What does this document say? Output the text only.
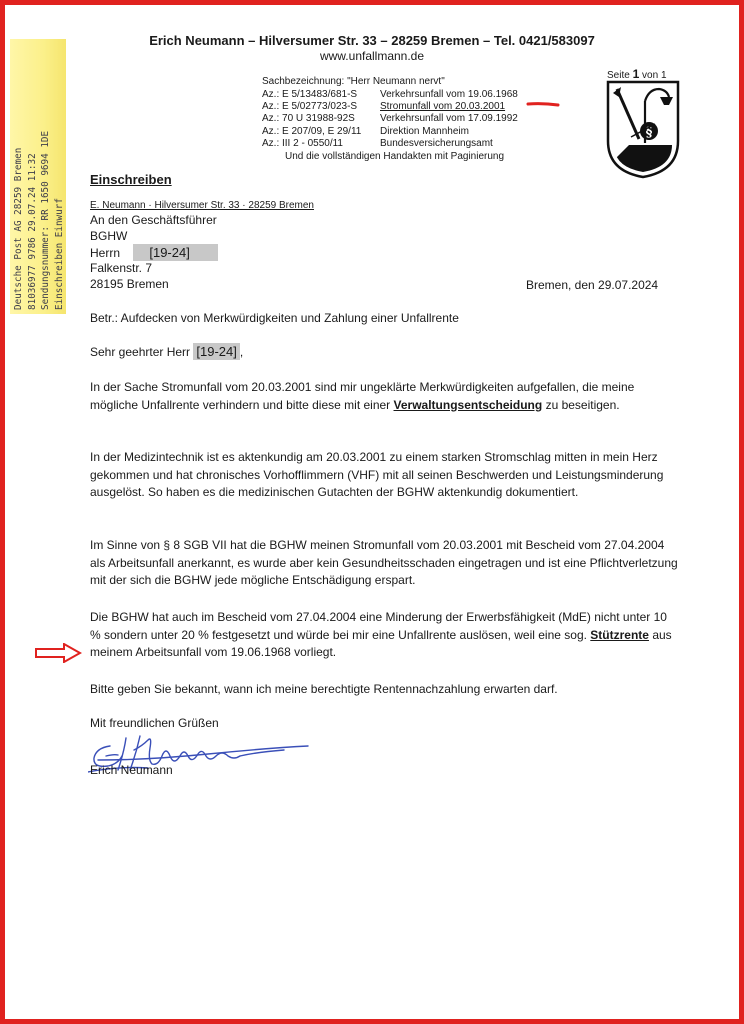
Erich Neumann – Hilversumer Str. 33 – 28259 Bremen – Tel. 0421/583097
www.unfallmann.de
Seite 1 von 1
Sachbezeichnung: "Herr Neumann nervt"
Az.: E 5/13483/681-S Verkehrsunfall vom 19.06.1968
Az.: E 5/02773/023-S Stromunfall vom 20.03.2001
Az.: 70 U 31988-92S	Verkehrsunfall vom 17.09.1992
Az.: E 207/09, E 29/11 Direktion Mannheim
Az.: III 2 - 0550/11	Bundesversicherungsamt
Und die vollständigen Handakten mit Paginierung
§
Deutsche Post AG 28259 Bremen 81036977 9786 29.07.24 11:32 Sendungsnummer: RR 1650 9694 1DE Einschreiben Einwurf
Einschreiben
E. Neumann · Hilversumer Str. 33 · 28259 Bremen
An den Geschäftsführer
BGHW
Herrn [19-24]
Falkenstr. 7
28195 Bremen	Bremen, den 29.07.2024
Betr.: Aufdecken von Merkwürdigkeiten und Zahlung einer Unfallrente
Sehr geehrter Herr [19-24] ,
In der Sache Stromunfall vom 20.03.2001 sind mir ungeklärte Merkwürdigkeiten aufgefallen, die meine mögliche Unfallrente verhindern und bitte diese mit einer Verwaltungsentscheidung zu beseitigen.
In der Medizintechnik ist es aktenkundig am 20.03.2001 zu einem starken Stromschlag mitten in mein Herz gekommen und hat chronisches Vorhofflimmern (VHF) mit all seinen Beschwerden und Leistungsminderung ausgelöst. So haben es die medizinischen Gutachten der BGHW aktenkundig dokumentiert.
Im Sinne von § 8 SGB VII hat die BGHW meinen Stromunfall vom 20.03.2001 mit Bescheid vom 27.04.2004 als Arbeitsunfall anerkannt, es wurde aber kein Gesundheitsschaden eingetragen und ist eine Pflichtverletzung mit der sich die BGHW jede mögliche Entschädigung erspart.
Die BGHW hat auch im Bescheid vom 27.04.2004 eine Minderung der Erwerbsfähigkeit (MdE) nicht unter 10 % sondern unter 20 % festgesetzt und würde bei mir eine Unfallrente auslösen, weil eine sog. Stützrente aus meinem Arbeitsunfall vom 19.06.1968 vorliegt.
Bitte geben Sie bekannt, wann ich meine berechtigte Rentennachzahlung erwarten darf.
Mit freundlichen Grüßen
Erich Neumann
